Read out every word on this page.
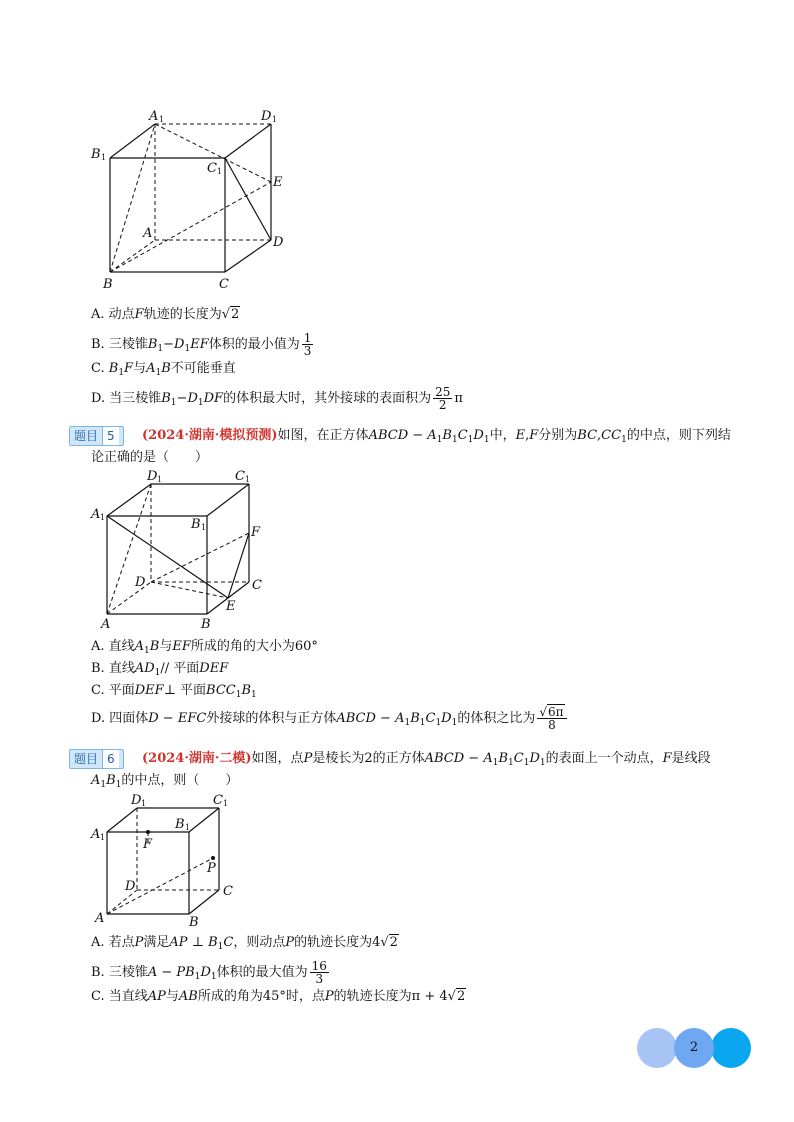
A 1	D 1
B 1
C 1
E
A
D
B	C
A. 动点F轨迹的长度为√2
B. 三棱锥$B_1-D_1EF$体积的最小值为 $\frac{1}{3}$
C. $B_1F$与$A_1B$不可能垂直
D. 当三棱锥$B_1-D_1DF$的体积最大时，其外接球的表面积为 $\frac{25}{2}$ π
题目 5	(2024·湖南·模拟预测)如图，在正方体ABCD − $A_1B_1C_1D_1$中，E,F分别为$BC,CC_1$的中点，则下列结
论正确的是（　　）
D 1	C 1
A 1	B 1	F
D	C
E
A	B
A. 直线$A_1B$与EF所成的角的大小为60°
B. 直线$AD_1//$ 平面DEF
C. 平面DEF⊥ 平面$BCC_1B_1$
D. 四面体D − EFC外接球的体积与正方体ABCD − $A_1B_1C_1D_1$的体积之比为 $\frac{√6\pi}{8}$
题目 6	(2024·湖南·二模)如图，点P是棱长为2的正方体ABCD − $A_1B_1C_1D_1$的表面上一个动点，F是线段
$A_1B_1$的中点，则（　　）
D 1	C 1
A 1
B 1
F
P
D	C
A	B
A. 若点P满足AP ⊥ $B_1C$，则动点P的轨迹长度为4√2
B. 三棱锥$A - PB_1D_1$体积的最大值为 $\frac{16}{3}$
C. 当直线AP与AB所成的角为45°时，点P的轨迹长度为π + 4√2
2
